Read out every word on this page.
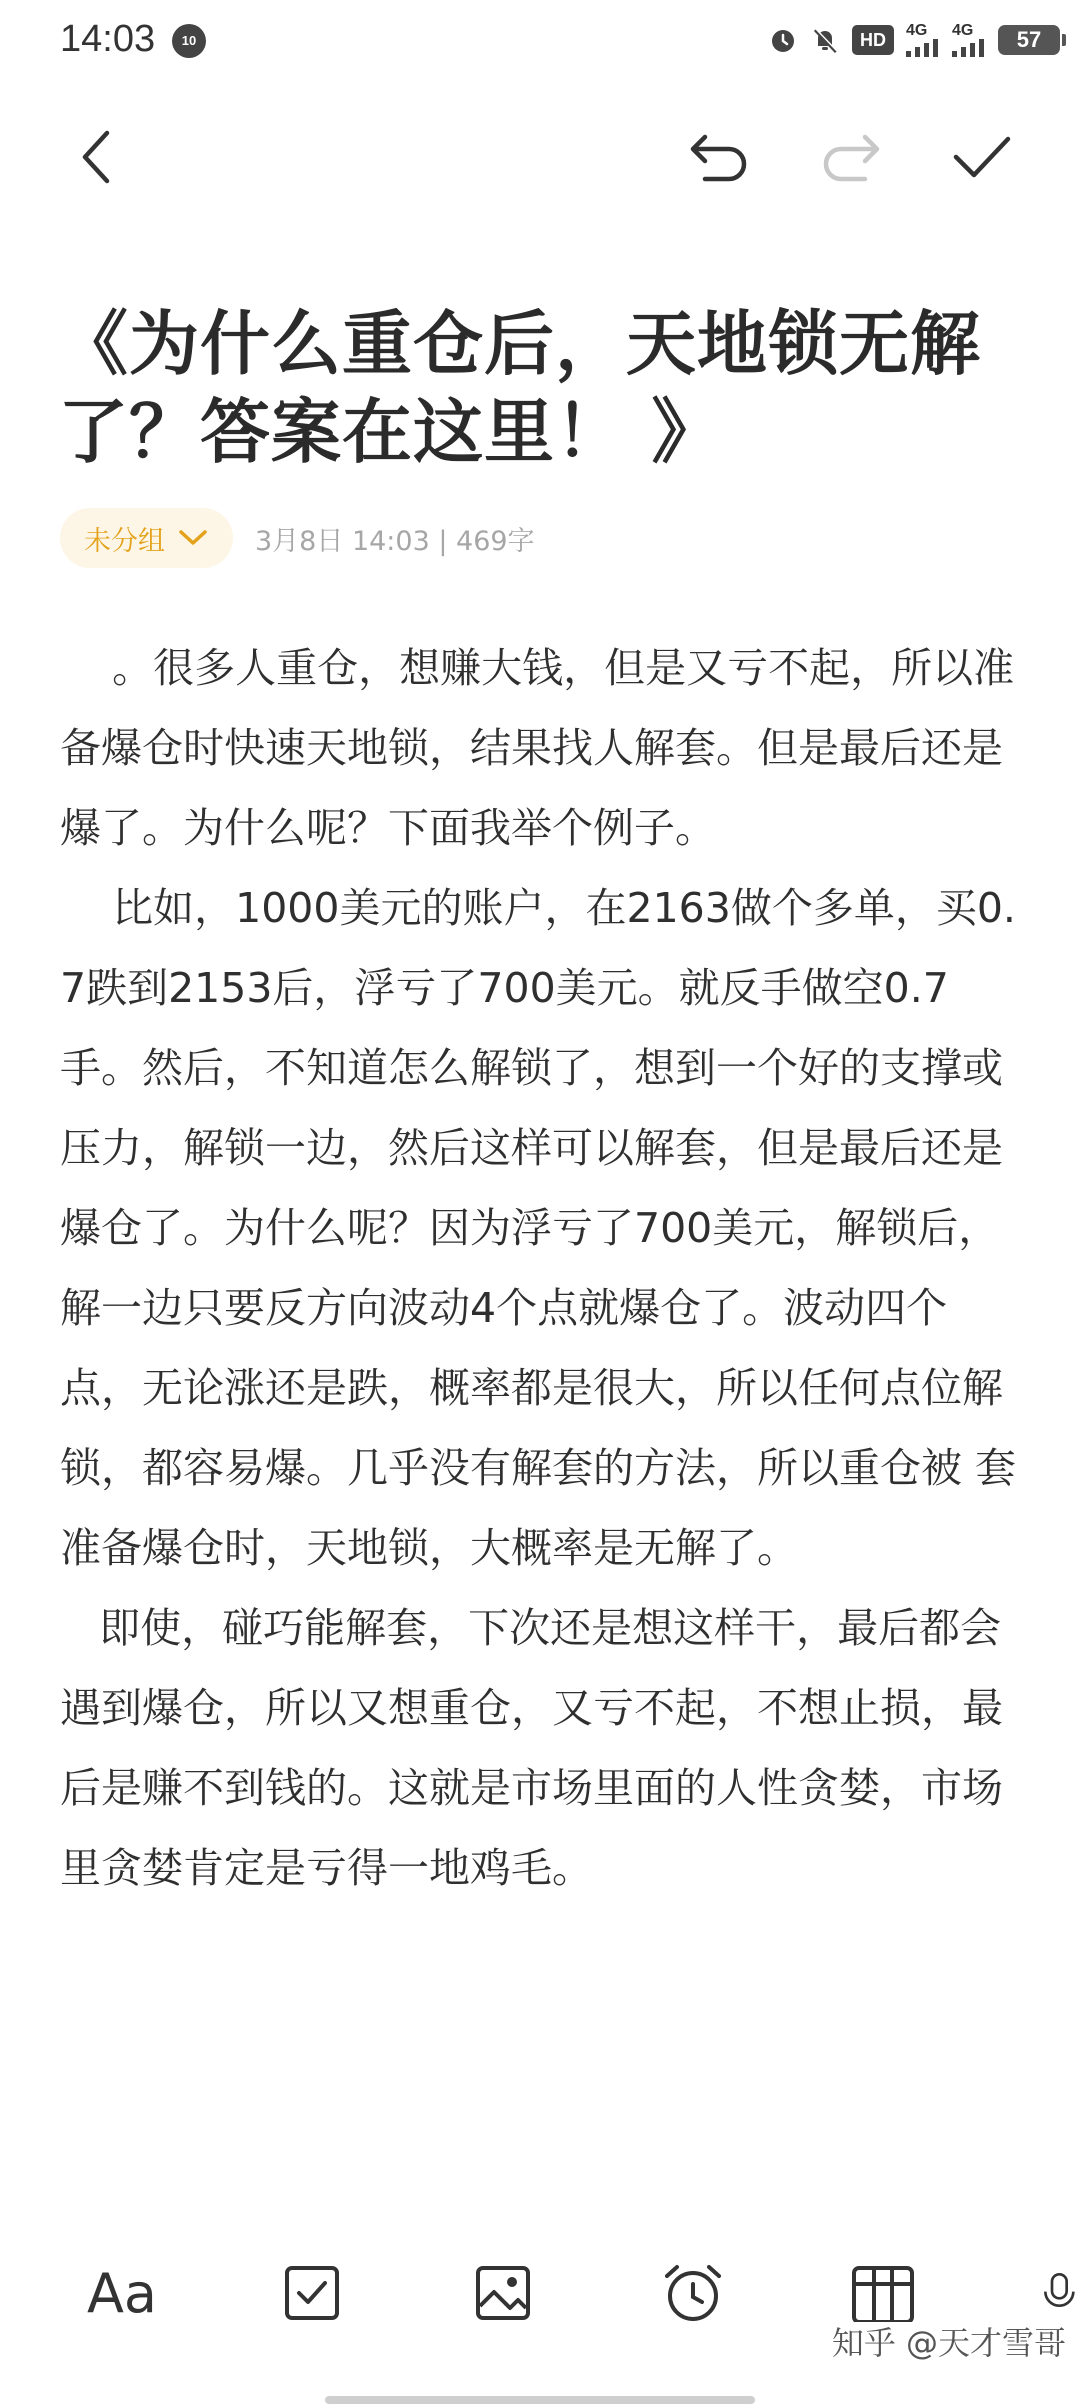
14:03	10	HD	4G 4G	57
《为什么重仓后，天地锁无解了？答案在这里！ 》
未分组	3月8日 14:03 | 469字

。很多人重仓，想赚大钱，但是又亏不起，所以准备爆仓时快速天地锁，结果找人解套。但是最后还是爆了。为什么呢？下面我举个例子。

比如，1000美元的账户，在2163做个多单，买0.7跌到2153后，浮亏了700美元。就反手做空0.7手。然后，不知道怎么解锁了，想到一个好的支撑或压力，解锁一边，然后这样可以解套，但是最后还是爆仓了。为什么呢？因为浮亏了700美元，解锁后，解一边只要反方向波动4个点就爆仓了。波动四个点，无论涨还是跌，概率都是很大，所以任何点位解锁，都容易爆。几乎没有解套的方法，所以重仓被 套准备爆仓时，天地锁，大概率是无解了。

即使，碰巧能解套，下次还是想这样干，最后都会遇到爆仓，所以又想重仓，又亏不起，不想止损，最后是赚不到钱的。这就是市场里面的人性贪婪，市场里贪婪肯定是亏得一地鸡毛。

Aa
知乎 @天才雪哥
